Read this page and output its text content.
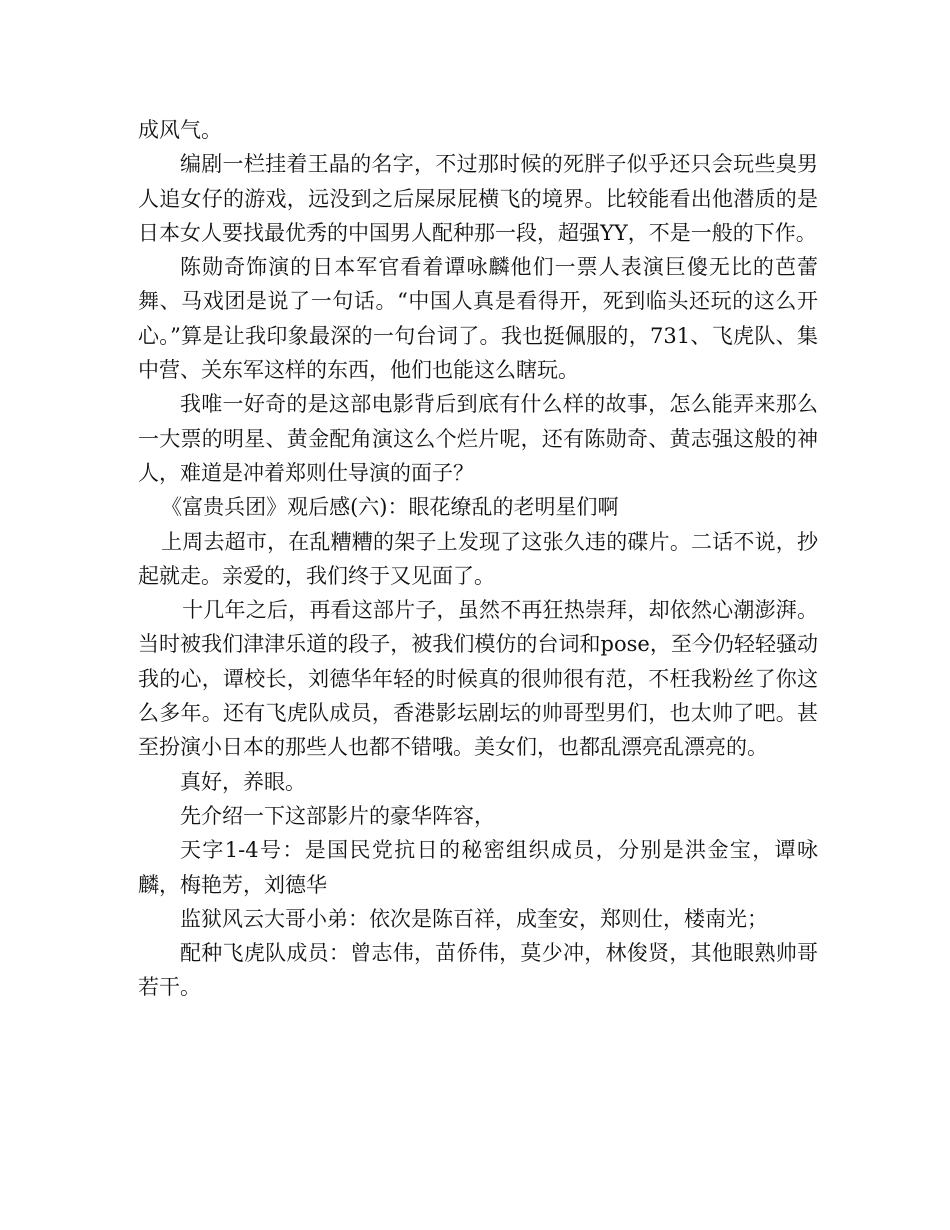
成风气。

编剧一栏挂着王晶的名字，不过那时候的死胖子似乎还只会玩些臭男人追女仔的游戏，远没到之后屎尿屁横飞的境界。比较能看出他潜质的是日本女人要找最优秀的中国男人配种那一段，超强YY，不是一般的下作。

陈勋奇饰演的日本军官看着谭咏麟他们一票人表演巨傻无比的芭蕾舞、马戏团是说了一句话。“中国人真是看得开，死到临头还玩的这么开心。”算是让我印象最深的一句台词了。我也挺佩服的，731、飞虎队、集中营、关东军这样的东西，他们也能这么瞎玩。

我唯一好奇的是这部电影背后到底有什么样的故事，怎么能弄来那么一大票的明星、黄金配角演这么个烂片呢，还有陈勋奇、黄志强这般的神人，难道是冲着郑则仕导演的面子？

《富贵兵团》观后感(六)：眼花缭乱的老明星们啊

上周去超市，在乱糟糟的架子上发现了这张久违的碟片。二话不说，抄起就走。亲爱的，我们终于又见面了。

十几年之后，再看这部片子，虽然不再狂热崇拜，却依然心潮澎湃。当时被我们津津乐道的段子，被我们模仿的台词和pose，至今仍轻轻骚动我的心，谭校长，刘德华年轻的时候真的很帅很有范，不枉我粉丝了你这么多年。还有飞虎队成员，香港影坛剧坛的帅哥型男们，也太帅了吧。甚至扮演小日本的那些人也都不错哦。美女们，也都乱漂亮乱漂亮的。

真好，养眼。

先介绍一下这部影片的豪华阵容，

天字1-4号：是国民党抗日的秘密组织成员，分别是洪金宝，谭咏麟，梅艳芳，刘德华

监狱风云大哥小弟：依次是陈百祥，成奎安，郑则仕，楼南光；

配种飞虎队成员：曾志伟，苗侨伟，莫少冲，林俊贤，其他眼熟帅哥若干。
